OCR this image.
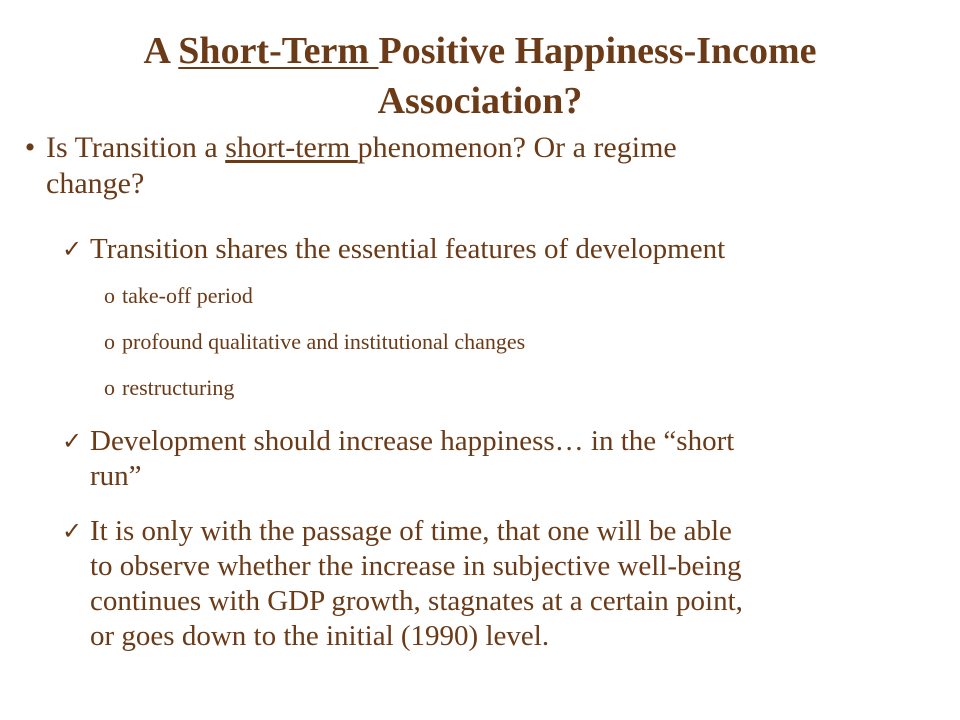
A Short-Term Positive Happiness-Income
Association?
• Is Transition a short-term phenomenon? Or a regime
change?
✓ Transition shares the essential features of development
o take-off period
o profound qualitative and institutional changes
o restructuring
✓ Development should increase happiness… in the “short
run”
✓ It is only with the passage of time, that one will be able
to observe whether the increase in subjective well-being
continues with GDP growth, stagnates at a certain point,
or goes down to the initial (1990) level.
